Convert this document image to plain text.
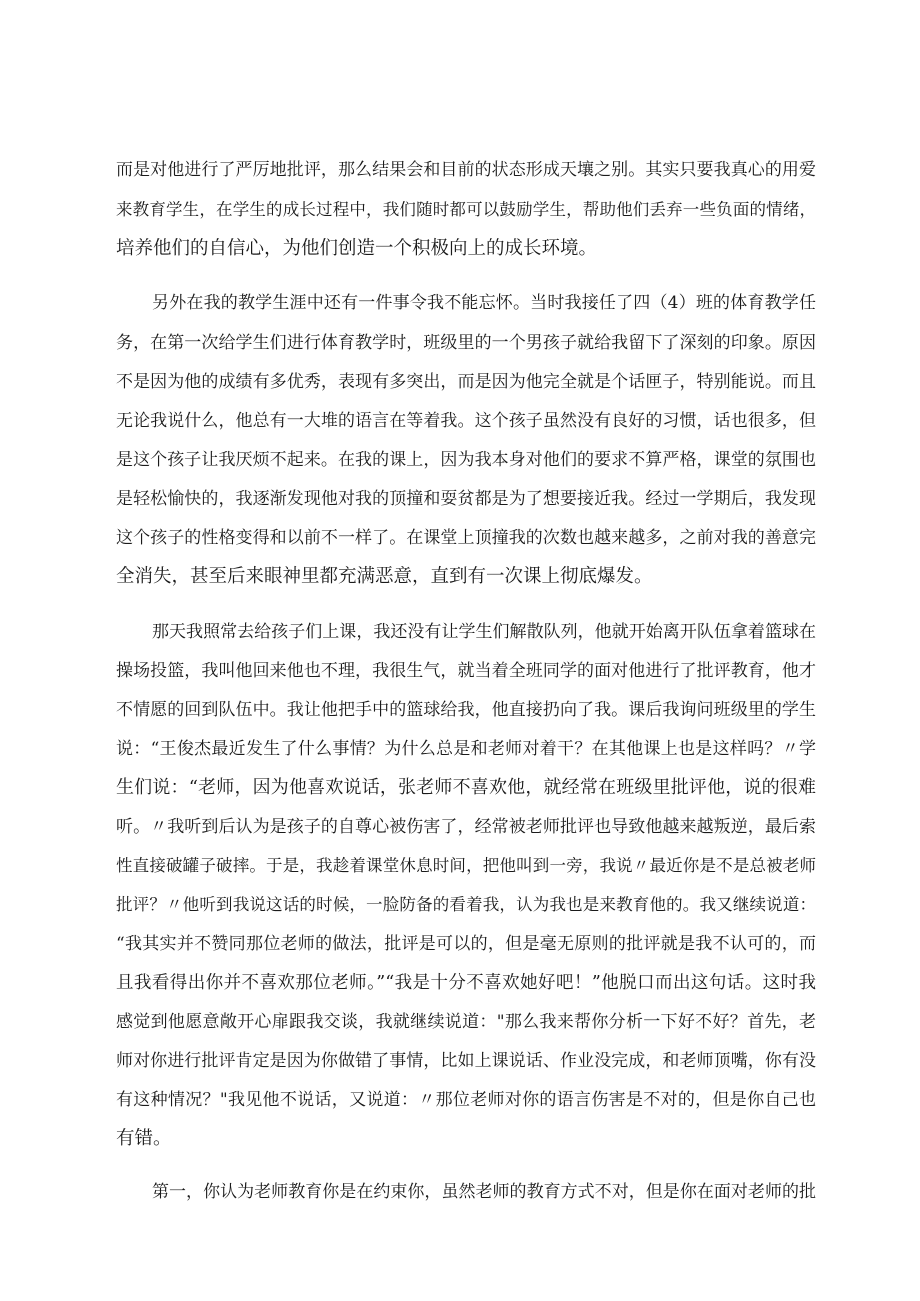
而是对他进行了严厉地批评，那么结果会和目前的状态形成天壤之别。其实只要我真心的用爱
来教育学生，在学生的成长过程中，我们随时都可以鼓励学生，帮助他们丢弃一些负面的情绪，
培养他们的自信心，为他们创造一个积极向上的成长环境。
另外在我的教学生涯中还有一件事令我不能忘怀。当时我接任了四（4）班的体育教学任
务，在第一次给学生们进行体育教学时，班级里的一个男孩子就给我留下了深刻的印象。原因
不是因为他的成绩有多优秀，表现有多突出，而是因为他完全就是个话匣子，特别能说。而且
无论我说什么，他总有一大堆的语言在等着我。这个孩子虽然没有良好的习惯，话也很多，但
是这个孩子让我厌烦不起来。在我的课上，因为我本身对他们的要求不算严格，课堂的氛围也
是轻松愉快的，我逐渐发现他对我的顶撞和耍贫都是为了想要接近我。经过一学期后，我发现
这个孩子的性格变得和以前不一样了。在课堂上顶撞我的次数也越来越多，之前对我的善意完
全消失，甚至后来眼神里都充满恶意，直到有一次课上彻底爆发。
那天我照常去给孩子们上课，我还没有让学生们解散队列，他就开始离开队伍拿着篮球在
操场投篮，我叫他回来他也不理，我很生气，就当着全班同学的面对他进行了批评教育，他才
不情愿的回到队伍中。我让他把手中的篮球给我，他直接扔向了我。课后我询问班级里的学生
说：“王俊杰最近发生了什么事情？为什么总是和老师对着干？在其他课上也是这样吗？〃学
生们说：“老师，因为他喜欢说话，张老师不喜欢他，就经常在班级里批评他，说的很难
听。〃我听到后认为是孩子的自尊心被伤害了，经常被老师批评也导致他越来越叛逆，最后索
性直接破罐子破摔。于是，我趁着课堂休息时间，把他叫到一旁，我说〃最近你是不是总被老师
批评？〃他听到我说这话的时候，一脸防备的看着我，认为我也是来教育他的。我又继续说道：
“我其实并不赞同那位老师的做法，批评是可以的，但是毫无原则的批评就是我不认可的，而
且我看得出你并不喜欢那位老师。”“我是十分不喜欢她好吧！”他脱口而出这句话。这时我
感觉到他愿意敞开心扉跟我交谈，我就继续说道："那么我来帮你分析一下好不好？首先，老
师对你进行批评肯定是因为你做错了事情，比如上课说话、作业没完成，和老师顶嘴，你有没
有这种情况？"我见他不说话，又说道：〃那位老师对你的语言伤害是不对的，但是你自己也
有错。
第一，你认为老师教育你是在约束你，虽然老师的教育方式不对，但是你在面对老师的批
